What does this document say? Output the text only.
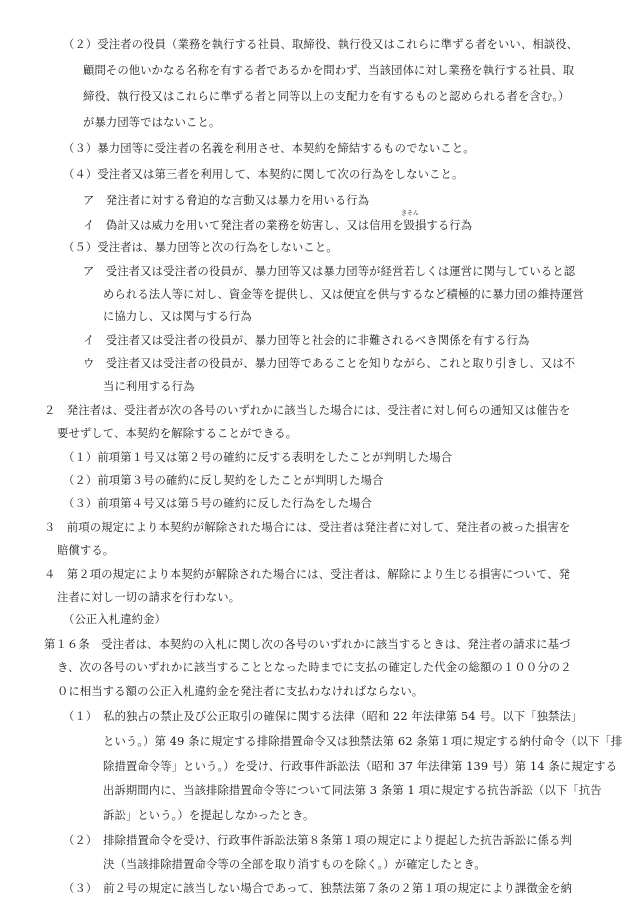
（２）受注者の役員（業務を執行する社員、取締役、執行役又はこれらに準ずる者をいい、相談役、
顧問その他いかなる名称を有する者であるかを問わず、当該団体に対し業務を執行する社員、取
締役、執行役又はこれらに準ずる者と同等以上の支配力を有するものと認められる者を含む。）
が暴力団等ではないこと。
（３）暴力団等に受注者の名義を利用させ、本契約を締結するものでないこと。
（４）受注者又は第三者を利用して、本契約に関して次の行為をしないこと。
ア　発注者に対する脅迫的な言動又は暴力を用いる行為
イ　偽計又は威力を用いて発注者の業務を妨害し、又は信用を毀損する行為
きそん
（５）受注者は、暴力団等と次の行為をしないこと。
ア　受注者又は受注者の役員が、暴力団等又は暴力団等が経営若しくは運営に関与していると認
められる法人等に対し、資金等を提供し、又は便宜を供与するなど積極的に暴力団の維持運営
に協力し、又は関与する行為
イ　受注者又は受注者の役員が、暴力団等と社会的に非難されるべき関係を有する行為
ウ　受注者又は受注者の役員が、暴力団等であることを知りながら、これと取り引きし、又は不
当に利用する行為
２　発注者は、受注者が次の各号のいずれかに該当した場合には、受注者に対し何らの通知又は催告を
要せずして、本契約を解除することができる。
（１）前項第１号又は第２号の確約に反する表明をしたことが判明した場合
（２）前項第３号の確約に反し契約をしたことが判明した場合
（３）前項第４号又は第５号の確約に反した行為をした場合
３　前項の規定により本契約が解除された場合には、受注者は発注者に対して、発注者の被った損害を
賠償する。
４　第２項の規定により本契約が解除された場合には、受注者は、解除により生じる損害について、発
注者に対し一切の請求を行わない。
（公正入札違約金）
第１６条　受注者は、本契約の入札に関し次の各号のいずれかに該当するときは、発注者の請求に基づ
き、次の各号のいずれかに該当することとなった時までに支払の確定した代金の総額の１００分の２
０に相当する額の公正入札違約金を発注者に支払わなければならない。
（１）　私的独占の禁止及び公正取引の確保に関する法律（昭和 22 年法律第 54 号。以下「独禁法」
という。）第 49 条に規定する排除措置命令又は独禁法第 62 条第１項に規定する納付命令（以下「排
除措置命令等」という。）を受け、行政事件訴訟法（昭和 37 年法律第 139 号）第 14 条に規定する
出訴期間内に、当該排除措置命令等について同法第 3 条第 1 項に規定する抗告訴訟（以下「抗告
訴訟」という。）を提起しなかったとき。
（２）　排除措置命令を受け、行政事件訴訟法第８条第１項の規定により提起した抗告訴訟に係る判
決（当該排除措置命令等の全部を取り消すものを除く。）が確定したとき。
（３）　前２号の規定に該当しない場合であって、独禁法第７条の２第１項の規定により課徴金を納
